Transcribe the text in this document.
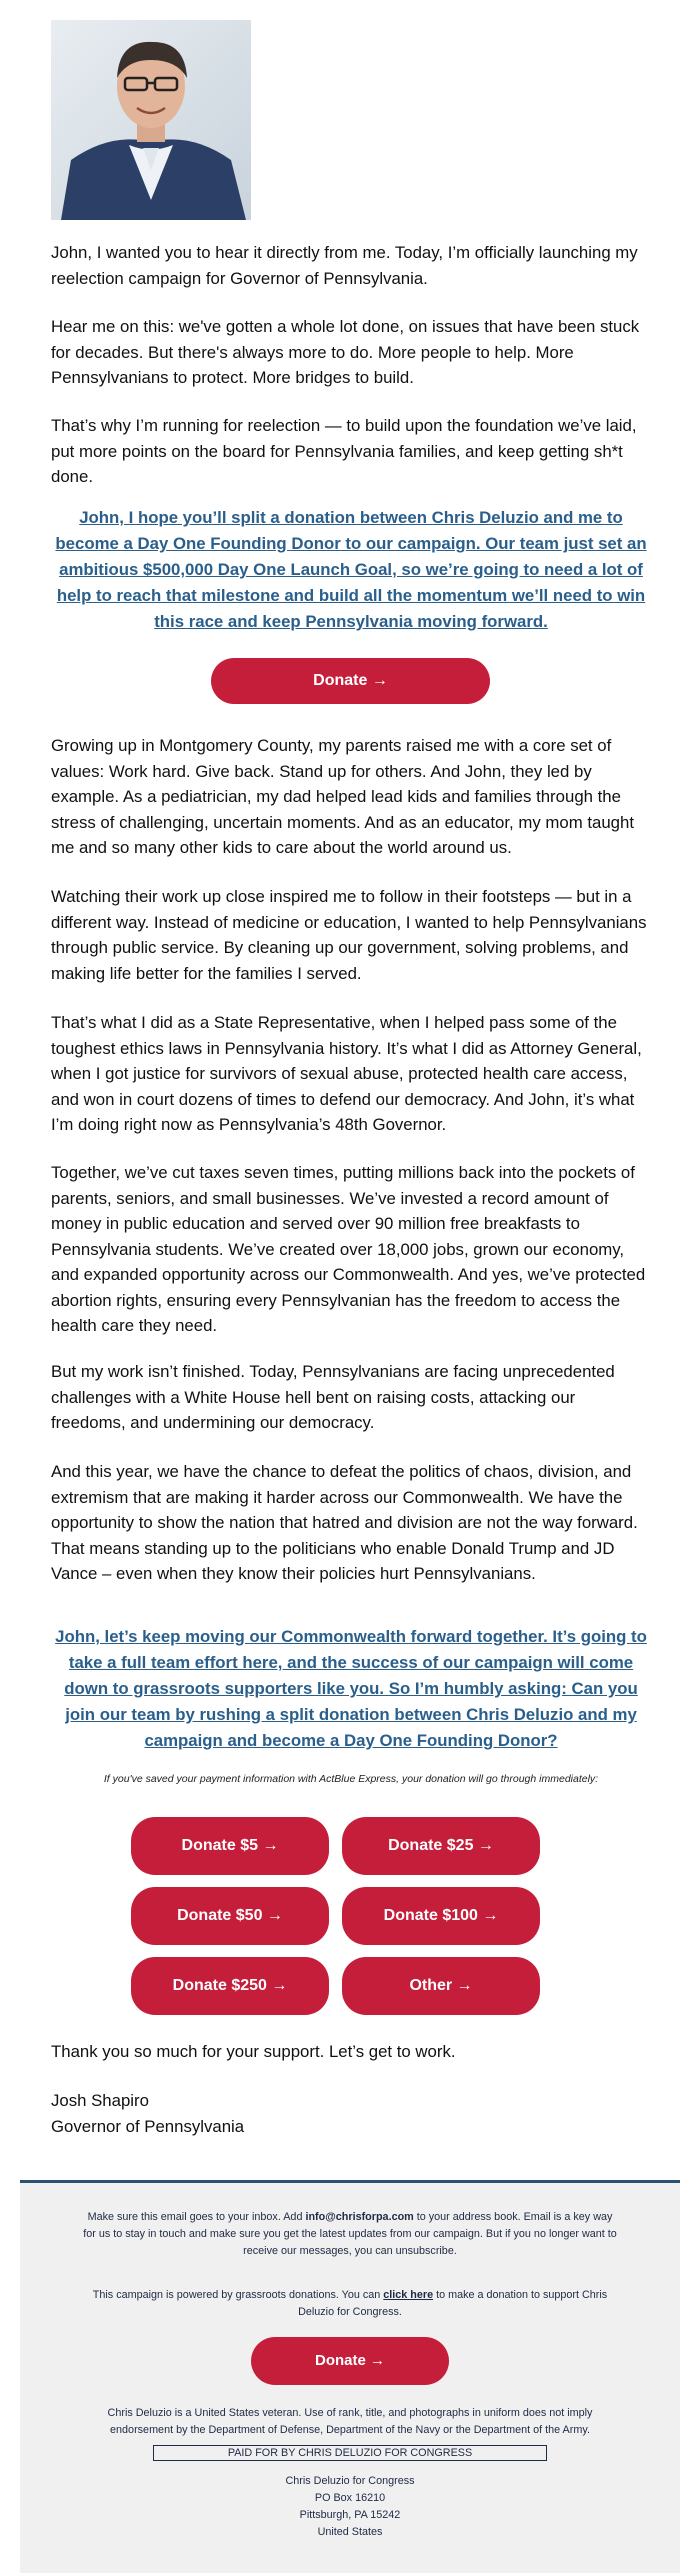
John, I wanted you to hear it directly from me. Today, I’m officially launching my reelection campaign for Governor of Pennsylvania.

Hear me on this: we've gotten a whole lot done, on issues that have been stuck for decades. But there's always more to do. More people to help. More Pennsylvanians to protect. More bridges to build.

That’s why I’m running for reelection — to build upon the foundation we’ve laid, put more points on the board for Pennsylvania families, and keep getting sh*t done.

John, I hope you’ll split a donation between Chris Deluzio and me to become a Day One Founding Donor to our campaign. Our team just set an ambitious $500,000 Day One Launch Goal, so we’re going to need a lot of help to reach that milestone and build all the momentum we’ll need to win this race and keep Pennsylvania moving forward.

Donate →

Growing up in Montgomery County, my parents raised me with a core set of values: Work hard. Give back. Stand up for others. And John, they led by example. As a pediatrician, my dad helped lead kids and families through the stress of challenging, uncertain moments. And as an educator, my mom taught me and so many other kids to care about the world around us.

Watching their work up close inspired me to follow in their footsteps — but in a different way. Instead of medicine or education, I wanted to help Pennsylvanians through public service. By cleaning up our government, solving problems, and making life better for the families I served.

That’s what I did as a State Representative, when I helped pass some of the toughest ethics laws in Pennsylvania history. It’s what I did as Attorney General, when I got justice for survivors of sexual abuse, protected health care access, and won in court dozens of times to defend our democracy. And John, it’s what I’m doing right now as Pennsylvania’s 48th Governor.

Together, we’ve cut taxes seven times, putting millions back into the pockets of parents, seniors, and small businesses. We’ve invested a record amount of money in public education and served over 90 million free breakfasts to Pennsylvania students. We’ve created over 18,000 jobs, grown our economy, and expanded opportunity across our Commonwealth. And yes, we’ve protected abortion rights, ensuring every Pennsylvanian has the freedom to access the health care they need.

But my work isn’t finished. Today, Pennsylvanians are facing unprecedented challenges with a White House hell bent on raising costs, attacking our freedoms, and undermining our democracy.

And this year, we have the chance to defeat the politics of chaos, division, and extremism that are making it harder across our Commonwealth. We have the opportunity to show the nation that hatred and division are not the way forward. That means standing up to the politicians who enable Donald Trump and JD Vance – even when they know their policies hurt Pennsylvanians.

John, let’s keep moving our Commonwealth forward together. It’s going to take a full team effort here, and the success of our campaign will come down to grassroots supporters like you. So I’m humbly asking: Can you join our team by rushing a split donation between Chris Deluzio and my campaign and become a Day One Founding Donor?

If you've saved your payment information with ActBlue Express, your donation will go through immediately:
Donate $5 →	Donate $25 →
Donate $50 →	Donate $100 →
Donate $250 →	Other →

Thank you so much for your support. Let’s get to work.

Josh Shapiro

Governor of Pennsylvania

Make sure this email goes to your inbox. Add info@chrisforpa.com to your address book. Email is a key way for us to stay in touch and make sure you get the latest updates from our campaign. But if you no longer want to receive our messages, you can unsubscribe.

This campaign is powered by grassroots donations. You can click here to make a donation to support Chris Deluzio for Congress.

Donate →

Chris Deluzio is a United States veteran. Use of rank, title, and photographs in uniform does not imply endorsement by the Department of Defense, Department of the Navy or the Department of the Army.

PAID FOR BY CHRIS DELUZIO FOR CONGRESS

Chris Deluzio for Congress

PO Box 16210

Pittsburgh, PA 15242

United States
